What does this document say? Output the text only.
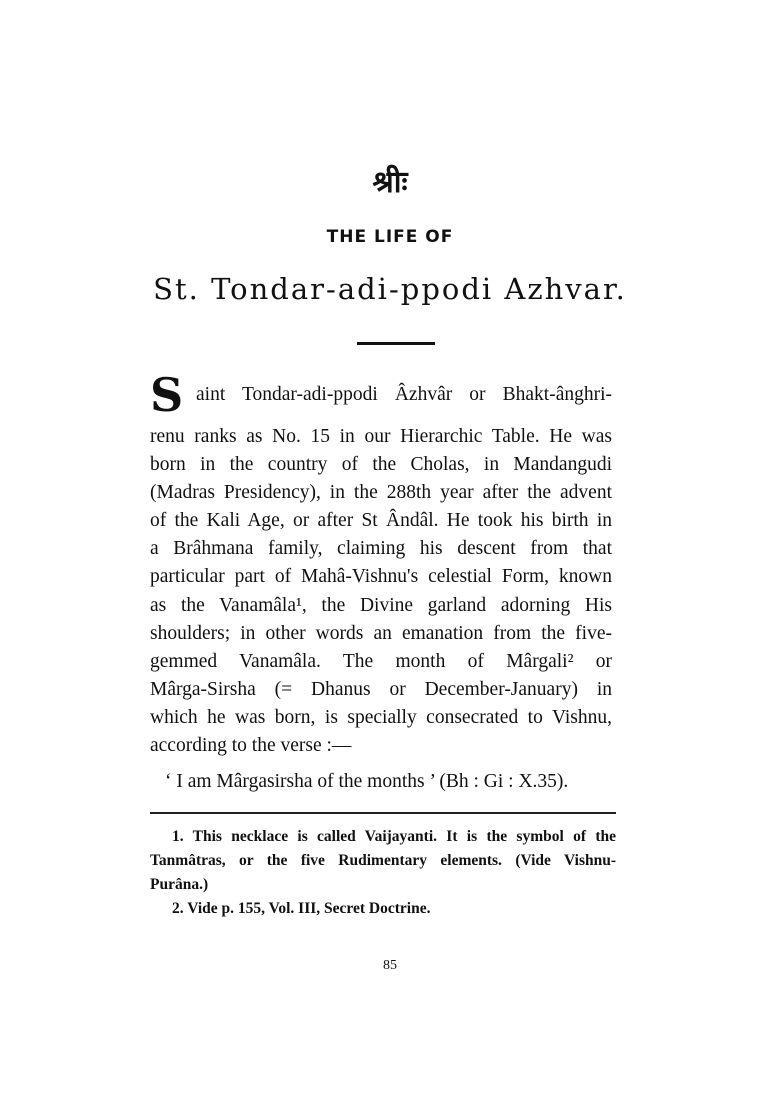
श्रीः
THE LIFE OF
St. Tondar-adi-ppodi Azhvar.
S aint Tondar-adi-ppodi Âzhvâr or Bhakt-ânghri-
renu ranks as No. 15 in our Hierarchic Table. He was
born in the country of the Cholas, in Mandangudi
(Madras Presidency), in the 288th year after the advent
of the Kali Age, or after St Ândâl. He took his birth in
a Brâhmana family, claiming his descent from that
particular part of Mahâ-Vishnu's celestial Form, known
as the Vanamâla¹, the Divine garland adorning His
shoulders; in other words an emanation from the five-
gemmed Vanamâla. The month of Mârgali² or
Mârga-Sirsha (= Dhanus or December-January) in
which he was born, is specially consecrated to Vishnu,
according to the verse :—
‘ I am Mârgasirsha of the months ’ (Bh : Gi : X.35).
1. This necklace is called Vaijayanti. It is the symbol of the
Tanmâtras, or the five Rudimentary elements. (Vide Vishnu-
Purâna.)
2. Vide p. 155, Vol. III, Secret Doctrine.
85
